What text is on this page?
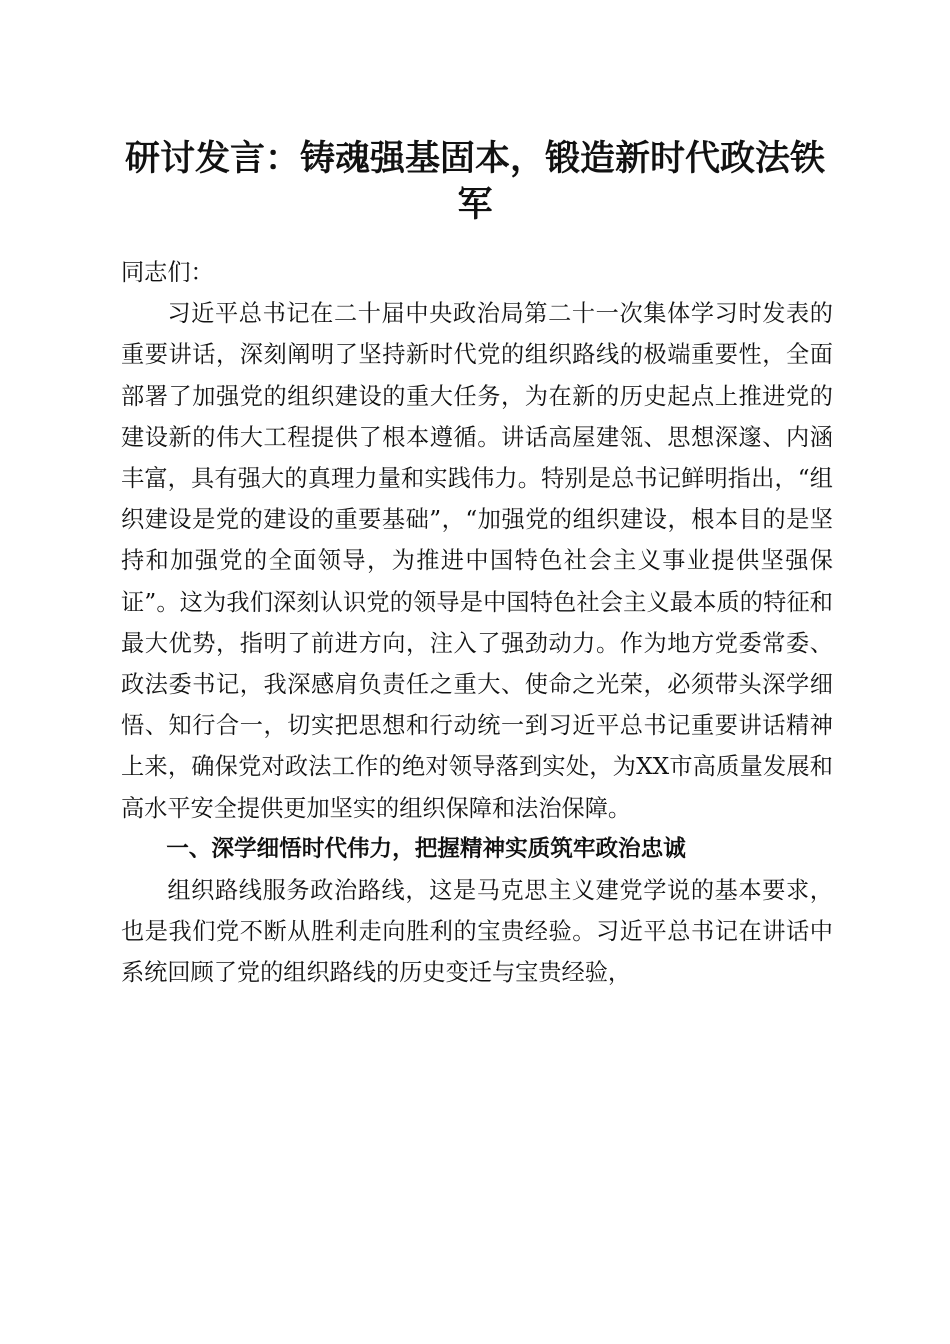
研讨发言：铸魂强基固本，锻造新时代政法铁军

同志们：

习近平总书记在二十届中央政治局第二十一次集体学习时发表的重要讲话，深刻阐明了坚持新时代党的组织路线的极端重要性，全面部署了加强党的组织建设的重大任务，为在新的历史起点上推进党的建设新的伟大工程提供了根本遵循。讲话高屋建瓴、思想深邃、内涵丰富，具有强大的真理力量和实践伟力。特别是总书记鲜明指出，“组织建设是党的建设的重要基础”，“加强党的组织建设，根本目的是坚持和加强党的全面领导，为推进中国特色社会主义事业提供坚强保证”。这为我们深刻认识党的领导是中国特色社会主义最本质的特征和最大优势，指明了前进方向，注入了强劲动力。作为地方党委常委、政法委书记，我深感肩负责任之重大、使命之光荣，必须带头深学细悟、知行合一，切实把思想和行动统一到习近平总书记重要讲话精神上来，确保党对政法工作的绝对领导落到实处，为XX市高质量发展和高水平安全提供更加坚实的组织保障和法治保障。

一、深学细悟时代伟力，把握精神实质筑牢政治忠诚

组织路线服务政治路线，这是马克思主义建党学说的基本要求，也是我们党不断从胜利走向胜利的宝贵经验。习近平总书记在讲话中系统回顾了党的组织路线的历史变迁与宝贵经验，
